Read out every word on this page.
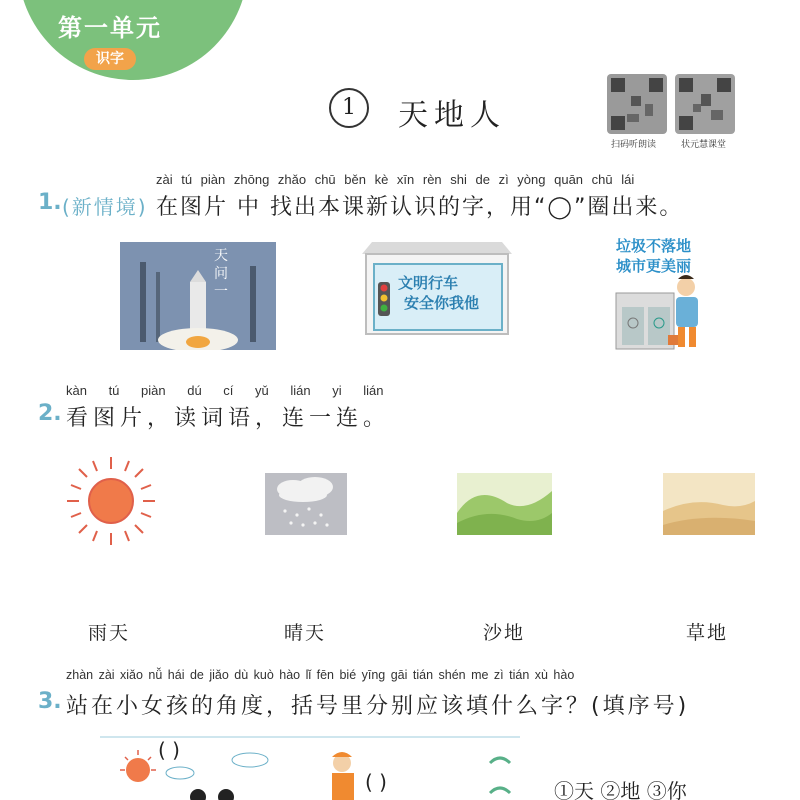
第一单元
识字
1	天地人
扫码听朗读	状元慧课堂
zài tú piàn zhōng zhǎo chū běn kè xīn rèn shi de zì yòng quān chū lái
1. (新情境) 在图片 中 找出本课新认识的字，用“◯”圈出来。
天
问
一	文明行车
安全你我他
垃圾不落地
城市更美丽
kàn tú piàn dú cí yǔ lián yi lián
2. 看图片，读词语，连一连。
雨天	晴天	沙地	草地
zhàn zài xiǎo nǚ hái de jiǎo dù kuò hào lǐ fēn bié yīng gāi tián shén me zì tián xù hào
3. 站在小女孩的角度，括号里分别应该填什么字？(填序号)
( )
( )	①天 ②地 ③你
